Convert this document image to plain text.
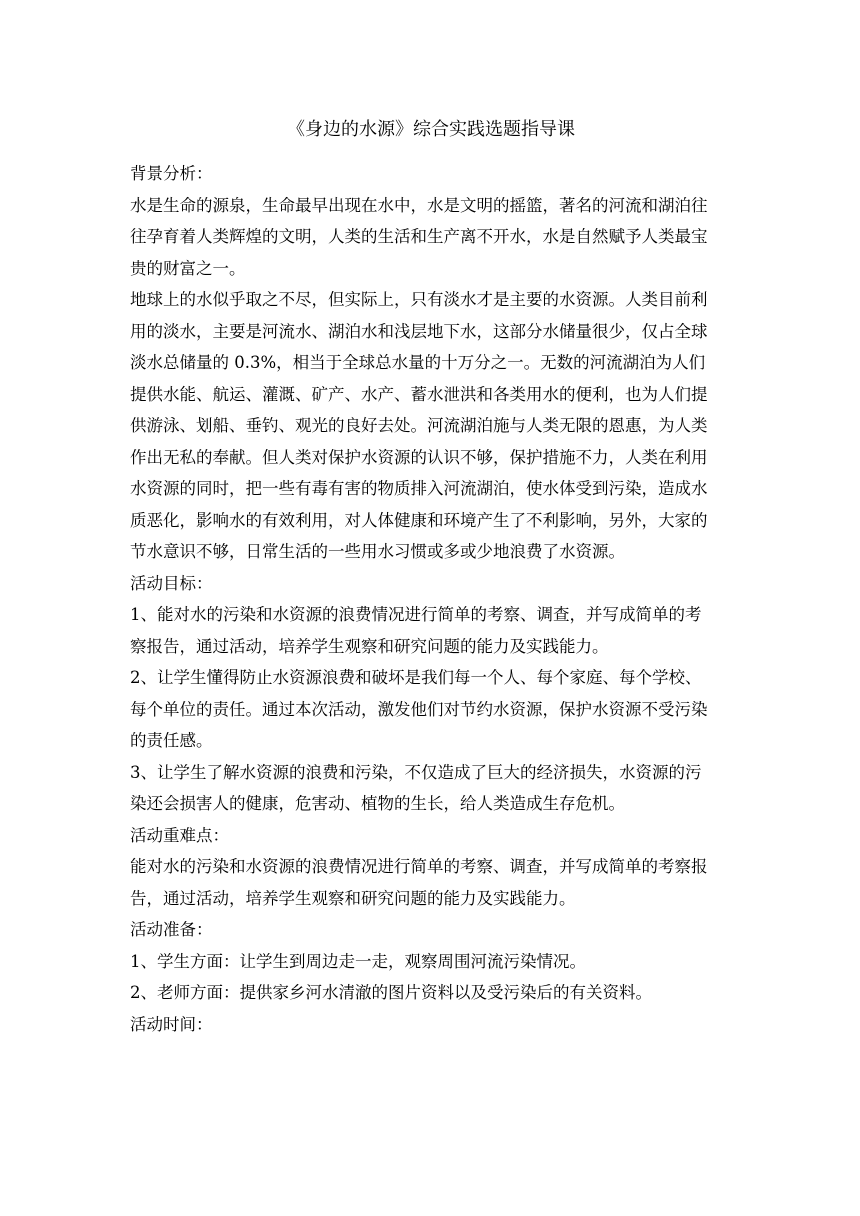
《身边的水源》综合实践选题指导课

背景分析：

水是生命的源泉，生命最早出现在水中，水是文明的摇篮，著名的河流和湖泊往

往孕育着人类辉煌的文明，人类的生活和生产离不开水，水是自然赋予人类最宝

贵的财富之一。

地球上的水似乎取之不尽，但实际上，只有淡水才是主要的水资源。人类目前利

用的淡水，主要是河流水、湖泊水和浅层地下水，这部分水储量很少，仅占全球

淡水总储量的 0.3%，相当于全球总水量的十万分之一。无数的河流湖泊为人们

提供水能、航运、灌溉、矿产、水产、蓄水泄洪和各类用水的便利，也为人们提

供游泳、划船、垂钓、观光的良好去处。河流湖泊施与人类无限的恩惠，为人类

作出无私的奉献。但人类对保护水资源的认识不够，保护措施不力，人类在利用

水资源的同时，把一些有毒有害的物质排入河流湖泊，使水体受到污染，造成水

质恶化，影响水的有效利用，对人体健康和环境产生了不利影响，另外，大家的

节水意识不够，日常生活的一些用水习惯或多或少地浪费了水资源。

活动目标：

1、能对水的污染和水资源的浪费情况进行简单的考察、调查，并写成简单的考

察报告，通过活动，培养学生观察和研究问题的能力及实践能力。

2、让学生懂得防止水资源浪费和破坏是我们每一个人、每个家庭、每个学校、

每个单位的责任。通过本次活动，激发他们对节约水资源，保护水资源不受污染

的责任感。

3、让学生了解水资源的浪费和污染，不仅造成了巨大的经济损失，水资源的污

染还会损害人的健康，危害动、植物的生长，给人类造成生存危机。

活动重难点：

能对水的污染和水资源的浪费情况进行简单的考察、调查，并写成简单的考察报

告，通过活动，培养学生观察和研究问题的能力及实践能力。

活动准备：

1、学生方面：让学生到周边走一走，观察周围河流污染情况。

2、老师方面：提供家乡河水清澈的图片资料以及受污染后的有关资料。

活动时间：
